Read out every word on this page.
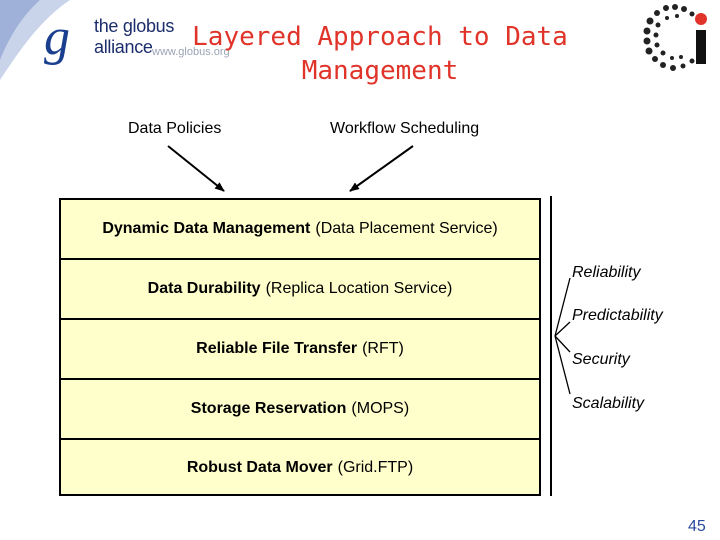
g the globus alliance www.globus.org
Layered Approach to Data
Management
Data Policies	Workflow Scheduling
Dynamic Data Management (Data Placement Service)
Data Durability (Replica Location Service)
Reliable File Transfer (RFT)
Storage Reservation (MOPS)
Robust Data Mover (Grid.FTP)
Reliability
Predictability
Security
Scalability
45
